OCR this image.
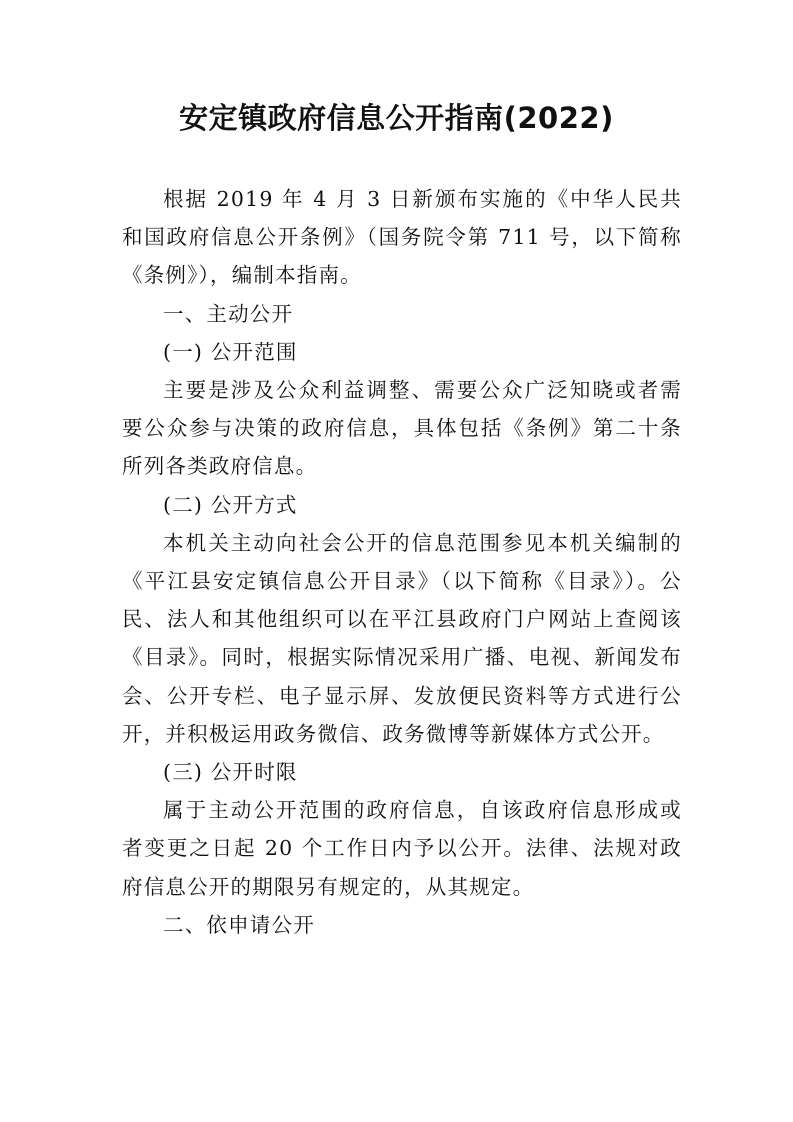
安定镇政府信息公开指南(2022)

根据 2019 年 4 月 3 日新颁布实施的《中华人民共和国政府信息公开条例》（国务院令第 711 号，以下简称《条例》），编制本指南。

一、主动公开

(一) 公开范围

主要是涉及公众利益调整、需要公众广泛知晓或者需要公众参与决策的政府信息，具体包括《条例》第二十条所列各类政府信息。

(二) 公开方式

本机关主动向社会公开的信息范围参见本机关编制的《平江县安定镇信息公开目录》（以下简称《目录》）。公民、法人和其他组织可以在平江县政府门户网站上查阅该《目录》。同时，根据实际情况采用广播、电视、新闻发布会、公开专栏、电子显示屏、发放便民资料等方式进行公开，并积极运用政务微信、政务微博等新媒体方式公开。

(三) 公开时限

属于主动公开范围的政府信息，自该政府信息形成或者变更之日起 20 个工作日内予以公开。法律、法规对政府信息公开的期限另有规定的，从其规定。

二、依申请公开
